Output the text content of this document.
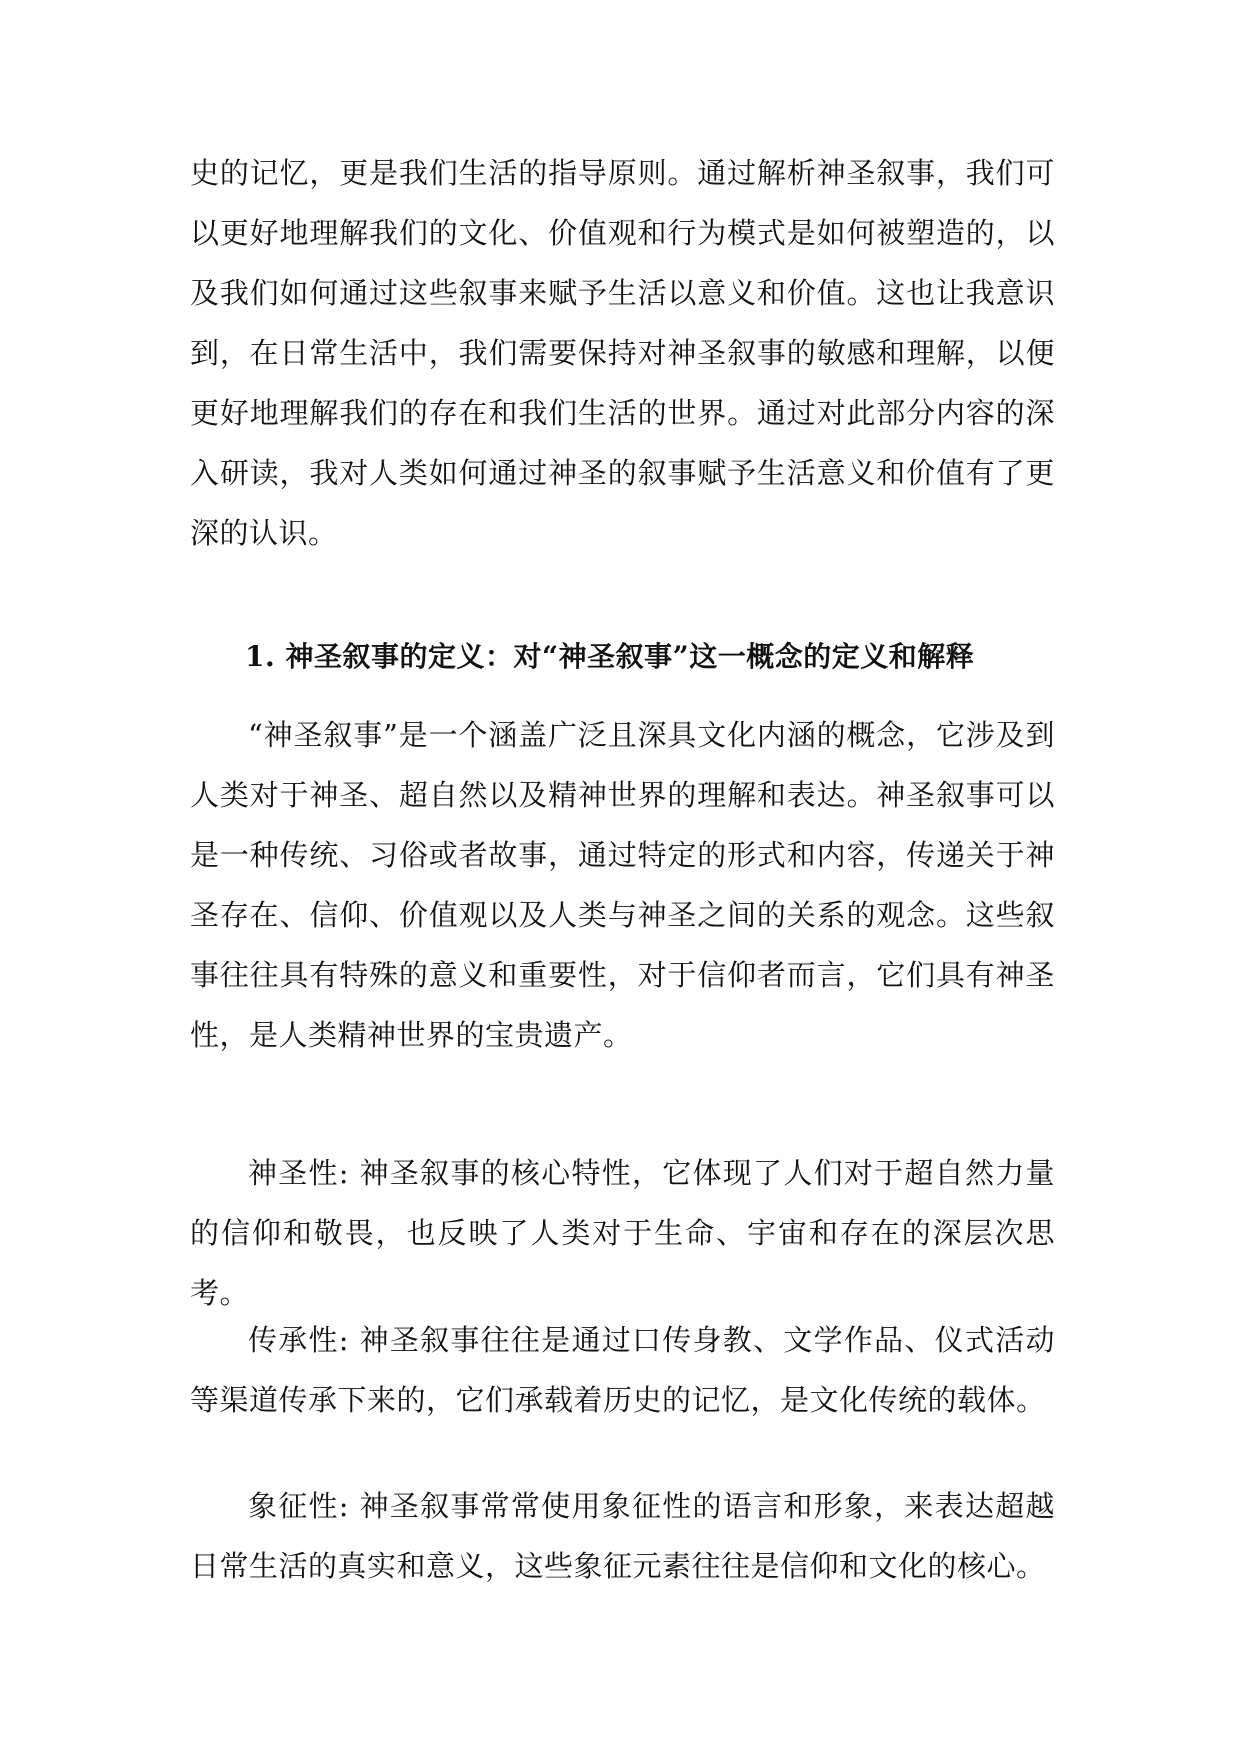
史的记忆，更是我们生活的指导原则。通过解析神圣叙事，我们可以更好地理解我们的文化、价值观和行为模式是如何被塑造的，以及我们如何通过这些叙事来赋予生活以意义和价值。这也让我意识到，在日常生活中，我们需要保持对神圣叙事的敏感和理解，以便更好地理解我们的存在和我们生活的世界。通过对此部分内容的深入研读，我对人类如何通过神圣的叙事赋予生活意义和价值有了更深的认识。

1. 神圣叙事的定义：对“神圣叙事”这一概念的定义和解释

“神圣叙事”是一个涵盖广泛且深具文化内涵的概念，它涉及到人类对于神圣、超自然以及精神世界的理解和表达。神圣叙事可以是一种传统、习俗或者故事，通过特定的形式和内容，传递关于神圣存在、信仰、价值观以及人类与神圣之间的关系的观念。这些叙事往往具有特殊的意义和重要性，对于信仰者而言，它们具有神圣性，是人类精神世界的宝贵遗产。

神圣性: 神圣叙事的核心特性，它体现了人们对于超自然力量的信仰和敬畏，也反映了人类对于生命、宇宙和存在的深层次思考。

传承性: 神圣叙事往往是通过口传身教、文学作品、仪式活动等渠道传承下来的，它们承载着历史的记忆，是文化传统的载体。

象征性: 神圣叙事常常使用象征性的语言和形象，来表达超越日常生活的真实和意义，这些象征元素往往是信仰和文化的核心。
